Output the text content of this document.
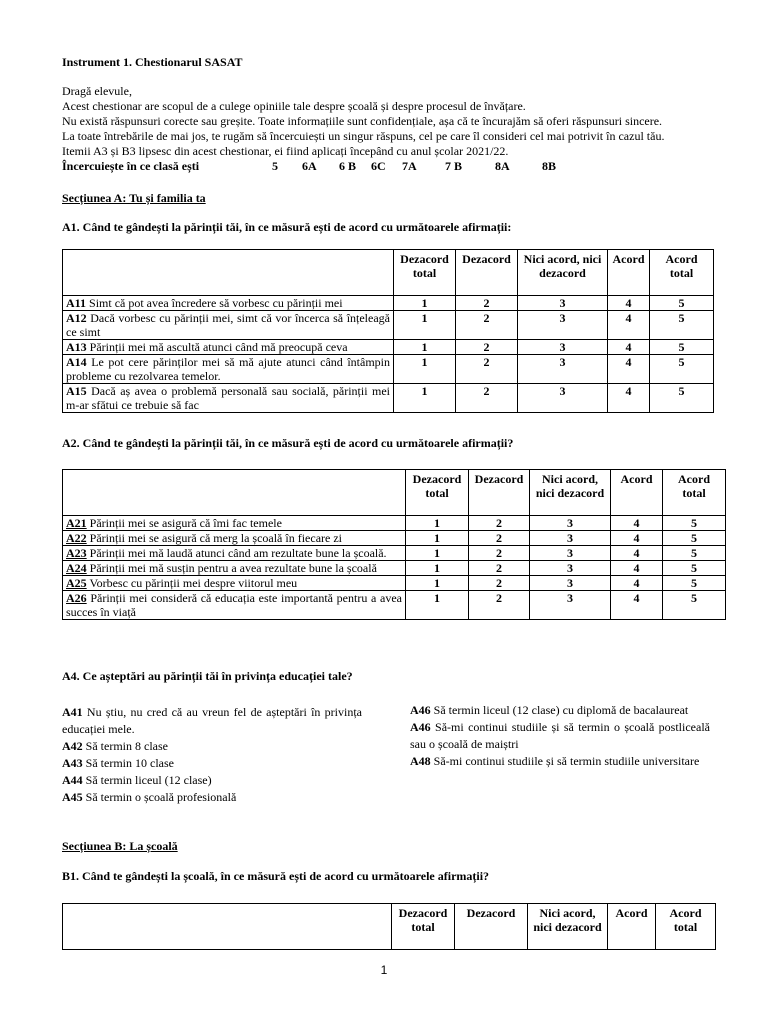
Instrument 1. Chestionarul SASAT
Dragă elevule,
Acest chestionar are scopul de a culege opiniile tale despre școală și despre procesul de învățare.
Nu există răspunsuri corecte sau greșite. Toate informațiile sunt confidențiale, așa că te încurajăm să oferi răspunsuri sincere.
La toate întrebările de mai jos, te rugăm să încercuiești un singur răspuns, cel pe care îl consideri cel mai potrivit în cazul tău.
Itemii A3 și B3 lipsesc din acest chestionar, ei fiind aplicați începând cu anul școlar 2021/22.
Încercuiește în ce clasă ești	5 6A 6 B 6C 7A 7 B	8A	8B
Secțiunea A: Tu și familia ta
A1. Când te gândești la părinții tăi, în ce măsură ești de acord cu următoarele afirmații:
	Dezacord total	Dezacord	Nici acord, nici dezacord	Acord	Acord total
A11 Simt că pot avea încredere să vorbesc cu părinții mei	1	2	3	4	5
A12 Dacă vorbesc cu părinții mei, simt că vor încerca să înțeleagă ce simt	1	2	3	4	5
A13 Părinții mei mă ascultă atunci când mă preocupă ceva	1	2	3	4	5
A14 Le pot cere părinților mei să mă ajute atunci când întâmpin probleme cu rezolvarea temelor.	1	2	3	4	5
A15 Dacă aș avea o problemă personală sau socială, părinții mei m-ar sfătui ce trebuie să fac	1	2	3	4	5
A2. Când te gândești la părinții tăi, în ce măsură ești de acord cu următoarele afirmații?
	Dezacord total	Dezacord	Nici acord, nici dezacord	Acord	Acord total
A21 Părinții mei se asigură că îmi fac temele	1	2	3	4	5
A22 Părinții mei se asigură că merg la școală în fiecare zi	1	2	3	4	5
A23 Părinții mei mă laudă atunci când am rezultate bune la școală.	1	2	3	4	5
A24 Părinții mei mă susțin pentru a avea rezultate bune la școală	1	2	3	4	5
A25 Vorbesc cu părinții mei despre viitorul meu	1	2	3	4	5
A26 Părinții mei consideră că educația este importantă pentru a avea succes în viață	1	2	3	4	5
A4. Ce așteptări au părinții tăi în privința educației tale?
A41 Nu știu, nu cred că au vreun fel de așteptări în privința educației mele.
A42 Să termin 8 clase
A43 Să termin 10 clase
A44 Să termin liceul (12 clase)
A45 Să termin o școală profesională
A46 Să termin liceul (12 clase) cu diplomă de bacalaureat
A46 Să-mi continui studiile și să termin o școală postliceală sau o școală de maiștri
A48 Să-mi continui studiile și să termin studiile universitare
Secțiunea B: La școală
B1. Când te gândești la școală, în ce măsură ești de acord cu următoarele afirmații?
	Dezacord total	Dezacord	Nici acord, nici dezacord	Acord	Acord total
1
